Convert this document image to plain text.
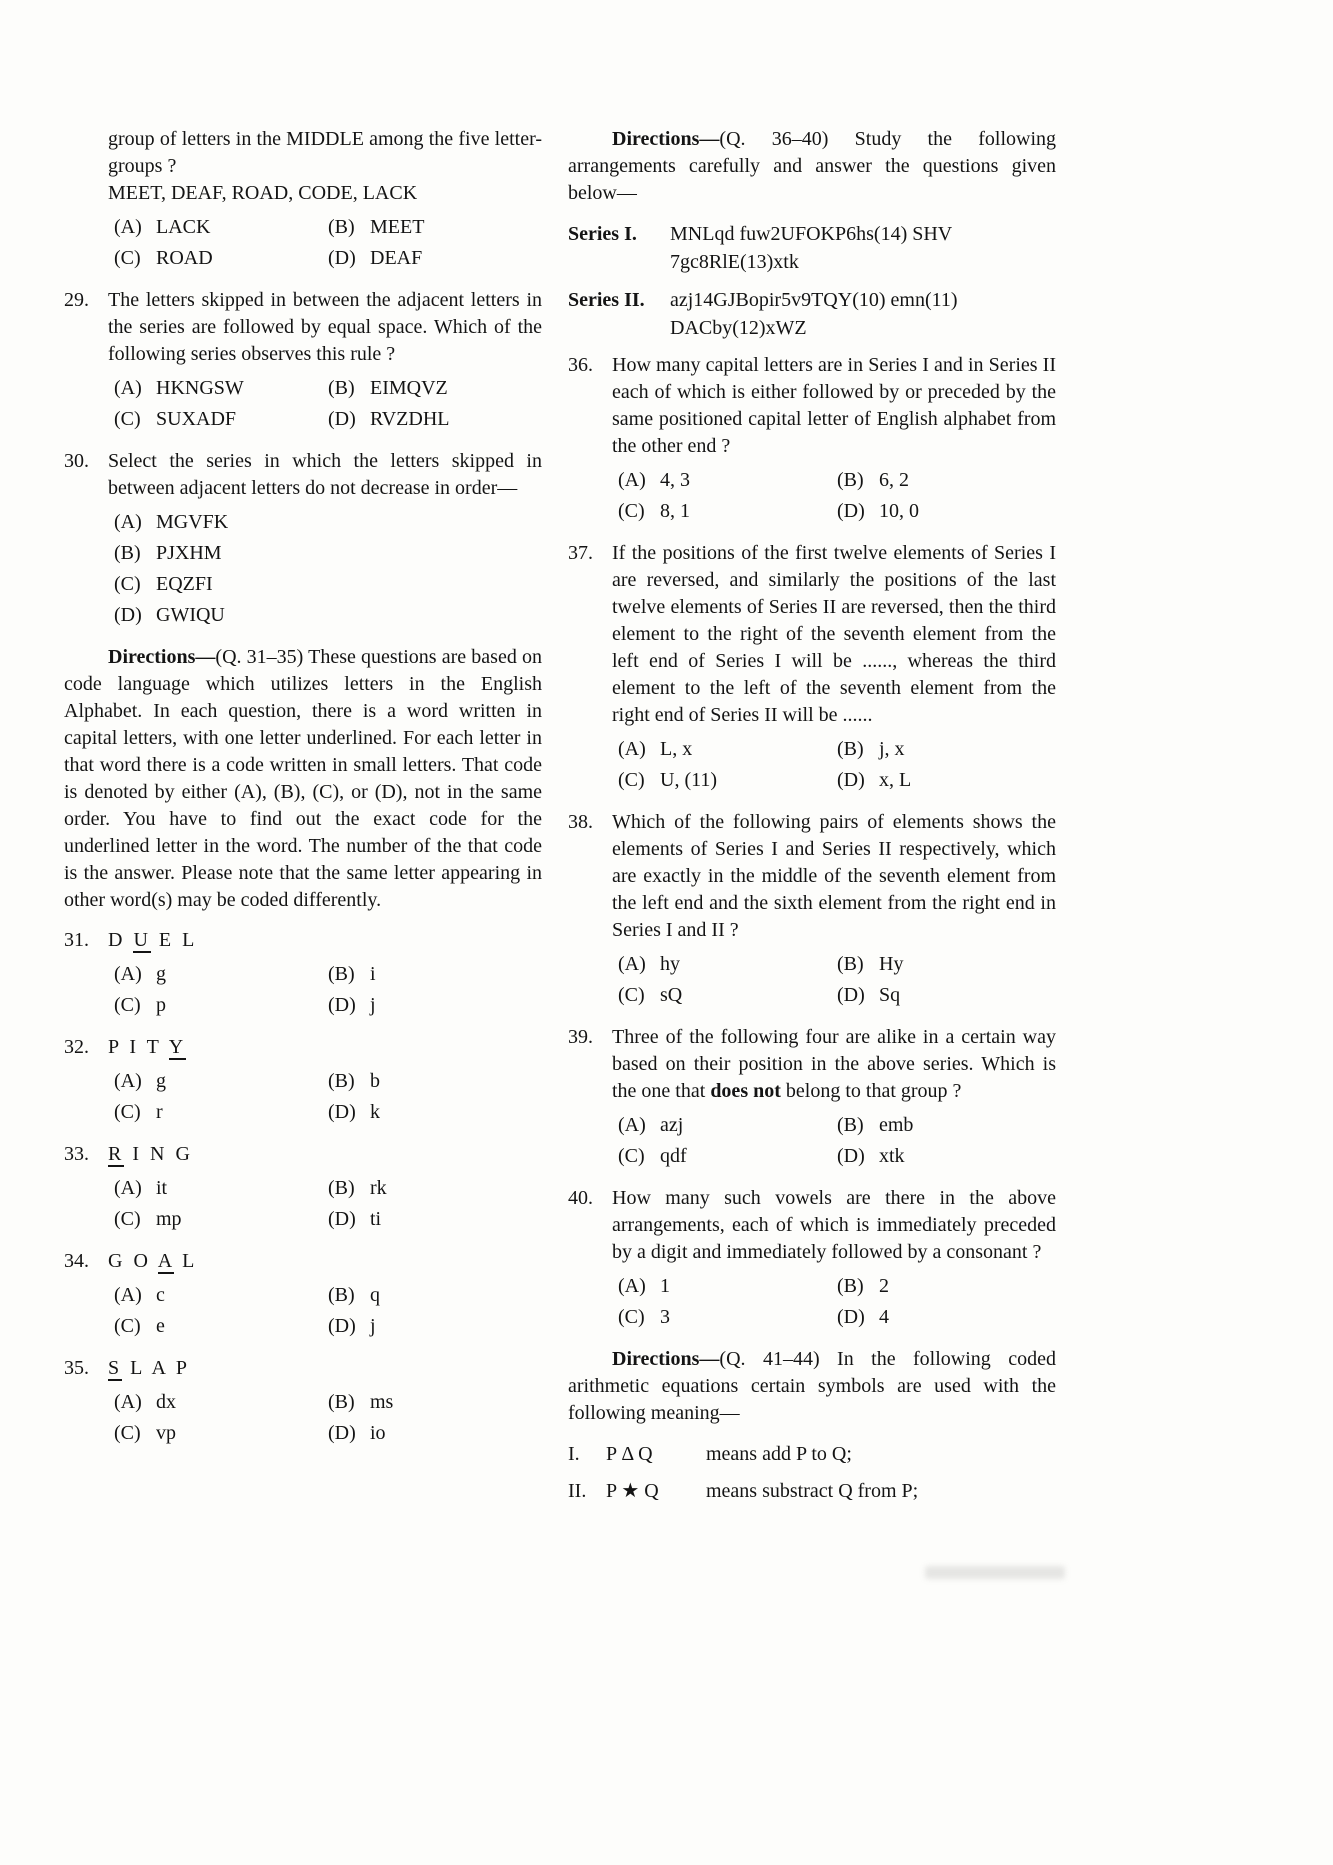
group of letters in the MIDDLE among the five letter-groups ?
MEET, DEAF, ROAD, CODE, LACK
(A) LACK	(B) MEET
(C) ROAD	(D) DEAF
29. The letters skipped in between the adjacent letters in the series are followed by equal space. Which of the following series observes this rule ?
(A) HKNGSW	(B) EIMQVZ
(C) SUXADF	(D) RVZDHL
30. Select the series in which the letters skipped in between adjacent letters do not decrease in order—
(A) MGVFK
(B) PJXHM
(C) EQZFI
(D) GWIQU
Directions—(Q. 31–35) These questions are based on code language which utilizes letters in the English Alphabet. In each question, there is a word written in capital letters, with one letter underlined. For each letter in that word there is a code written in small letters. That code is denoted by either (A), (B), (C), or (D), not in the same order. You have to find out the exact code for the underlined letter in the word. The number of the that code is the answer. Please note that the same letter appearing in other word(s) may be coded differently.
31. D U E L
(A) g	(B) i
(C) p	(D) j
32. P I T Y
(A) g	(B) b
(C) r	(D) k
33. R I N G
(A) it	(B) rk
(C) mp	(D) ti
34. G O A L
(A) c	(B) q
(C) e	(D) j
35. S L A P
(A) dx	(B) ms
(C) vp	(D) io
Directions—(Q. 36–40) Study the following arrangements carefully and answer the questions given below—
Series I. MNLqd fuw2UFOKP6hs(14) SHV 7gc8RlE(13)xtk
Series II. azj14GJBopir5v9TQY(10) emn(11) DACby(12)xWZ
36. How many capital letters are in Series I and in Series II each of which is either followed by or preceded by the same positioned capital letter of English alphabet from the other end ?
(A) 4, 3	(B) 6, 2
(C) 8, 1	(D) 10, 0
37. If the positions of the first twelve elements of Series I are reversed, and similarly the positions of the last twelve elements of Series II are reversed, then the third element to the right of the seventh element from the left end of Series I will be ......, whereas the third element to the left of the seventh element from the right end of Series II will be ......
(A) L, x	(B) j, x
(C) U, (11)	(D) x, L
38. Which of the following pairs of elements shows the elements of Series I and Series II respectively, which are exactly in the middle of the seventh element from the left end and the sixth element from the right end in Series I and II ?
(A) hy	(B) Hy
(C) sQ	(D) Sq
39. Three of the following four are alike in a certain way based on their position in the above series. Which is the one that does not belong to that group ?
(A) azj	(B) emb
(C) qdf	(D) xtk
40. How many such vowels are there in the above arrangements, each of which is immediately preceded by a digit and immediately followed by a consonant ?
(A) 1	(B) 2
(C) 3	(D) 4
Directions—(Q. 41–44) In the following coded arithmetic equations certain symbols are used with the following meaning—
I.	P Δ Q	means add P to Q;
II. P ★ Q	means substract Q from P;
